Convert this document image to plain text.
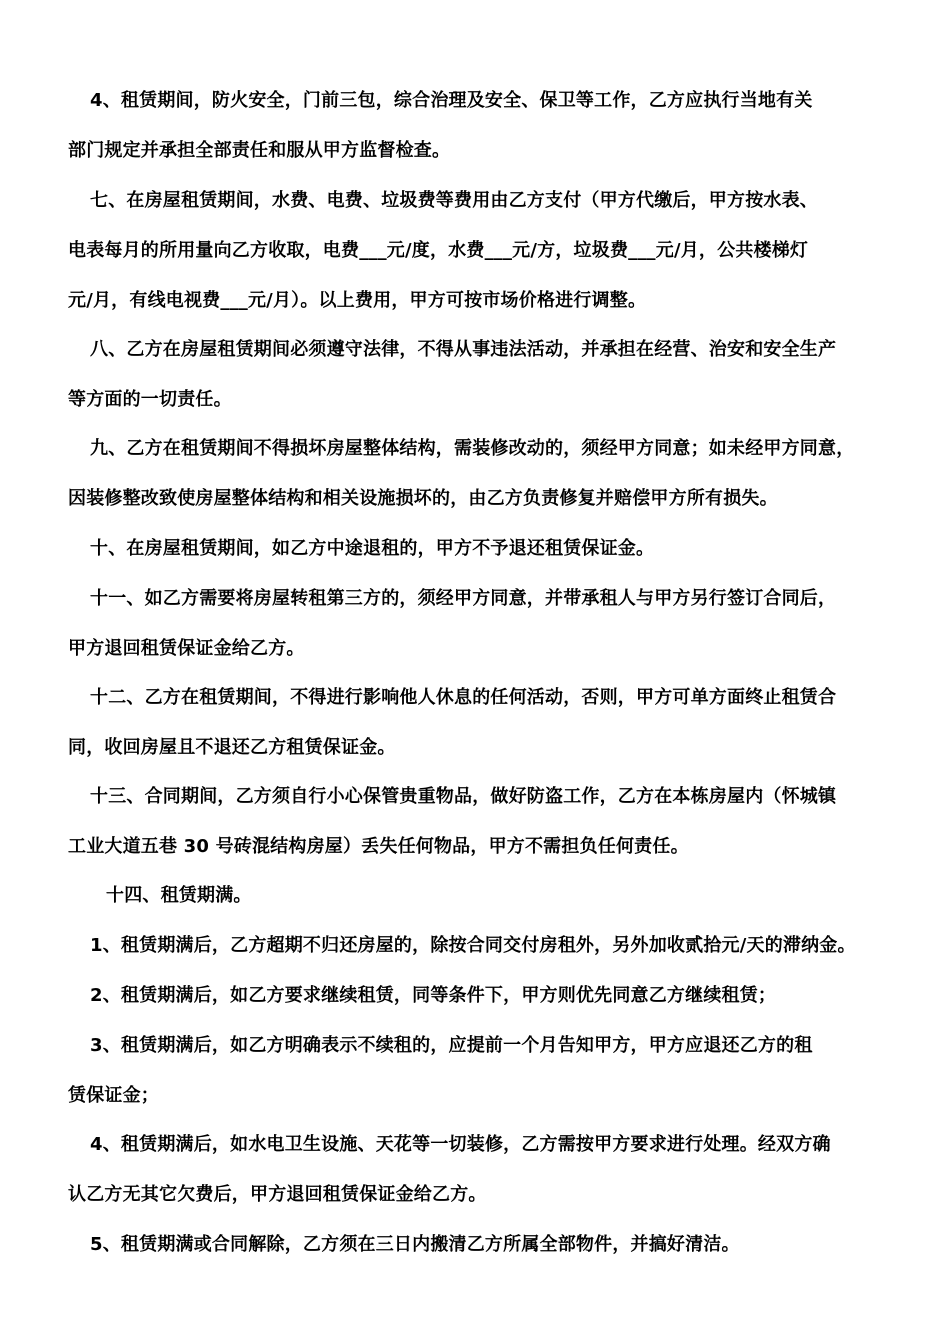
4、租赁期间，防火安全，门前三包，综合治理及安全、保卫等工作，乙方应执行当地有关
部门规定并承担全部责任和服从甲方监督检查。

七、在房屋租赁期间，水费、电费、垃圾费等费用由乙方支付（甲方代缴后，甲方按水表、
电表每月的所用量向乙方收取，电费___元/度，水费___元/方，垃圾费___元/月，公共楼梯灯
元/月，有线电视费___元/月）。以上费用，甲方可按市场价格进行调整。

八、乙方在房屋租赁期间必须遵守法律，不得从事违法活动，并承担在经营、治安和安全生产
等方面的一切责任。

九、乙方在租赁期间不得损坏房屋整体结构，需装修改动的，须经甲方同意；如未经甲方同意，
因装修整改致使房屋整体结构和相关设施损坏的，由乙方负责修复并赔偿甲方所有损失。

十、在房屋租赁期间，如乙方中途退租的，甲方不予退还租赁保证金。

十一、如乙方需要将房屋转租第三方的，须经甲方同意，并带承租人与甲方另行签订合同后，
甲方退回租赁保证金给乙方。

十二、乙方在租赁期间，不得进行影响他人休息的任何活动，否则，甲方可单方面终止租赁合
同，收回房屋且不退还乙方租赁保证金。

十三、合同期间，乙方须自行小心保管贵重物品，做好防盗工作，乙方在本栋房屋内（怀城镇
工业大道五巷 30 号砖混结构房屋）丢失任何物品，甲方不需担负任何责任。

十四、租赁期满。

1、租赁期满后，乙方超期不归还房屋的，除按合同交付房租外，另外加收贰拾元/天的滞纳金。

2、租赁期满后，如乙方要求继续租赁，同等条件下，甲方则优先同意乙方继续租赁；

3、租赁期满后，如乙方明确表示不续租的，应提前一个月告知甲方，甲方应退还乙方的租
赁保证金；

4、租赁期满后，如水电卫生设施、天花等一切装修，乙方需按甲方要求进行处理。经双方确
认乙方无其它欠费后，甲方退回租赁保证金给乙方。

5、租赁期满或合同解除，乙方须在三日内搬清乙方所属全部物件，并搞好清洁。
